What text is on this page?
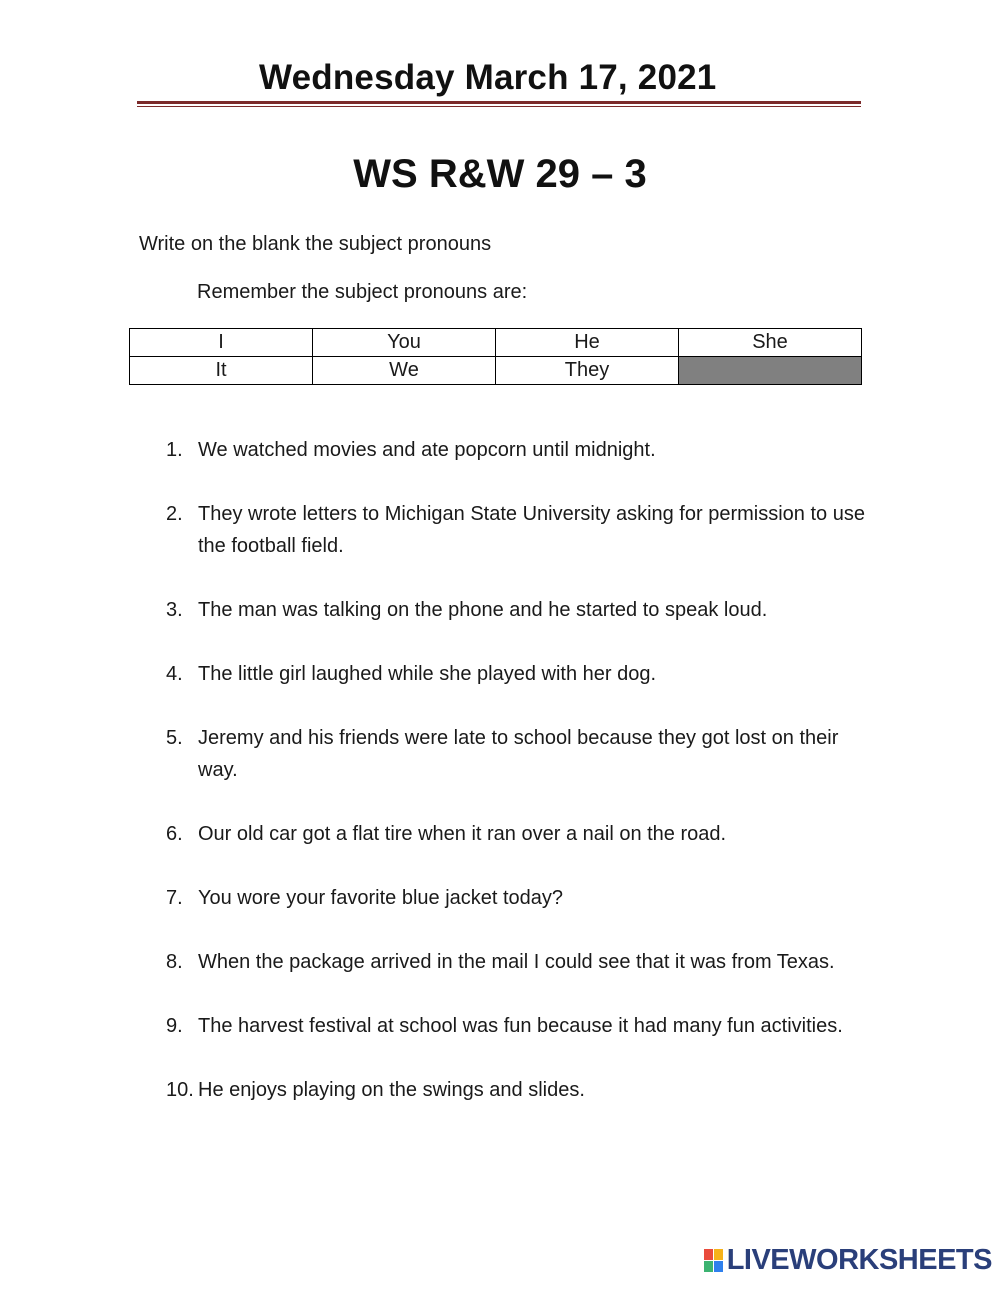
Wednesday March 17, 2021
WS R&W 29 – 3
Write on the blank the subject pronouns
Remember the subject pronouns are:
I	You	He	She
It	We	They	
1. We watched movies and ate popcorn until midnight.
2. They wrote letters to Michigan State University asking for permission to use the football field.
3. The man was talking on the phone and he started to speak loud.
4. The little girl laughed while she played with her dog.
5. Jeremy and his friends were late to school because they got lost on their way.
6. Our old car got a flat tire when it ran over a nail on the road.
7. You wore your favorite blue jacket today?
8. When the package arrived in the mail I could see that it was from Texas.
9. The harvest festival at school was fun because it had many fun activities.
10. He enjoys playing on the swings and slides.
LIVEWORKSHEETS
